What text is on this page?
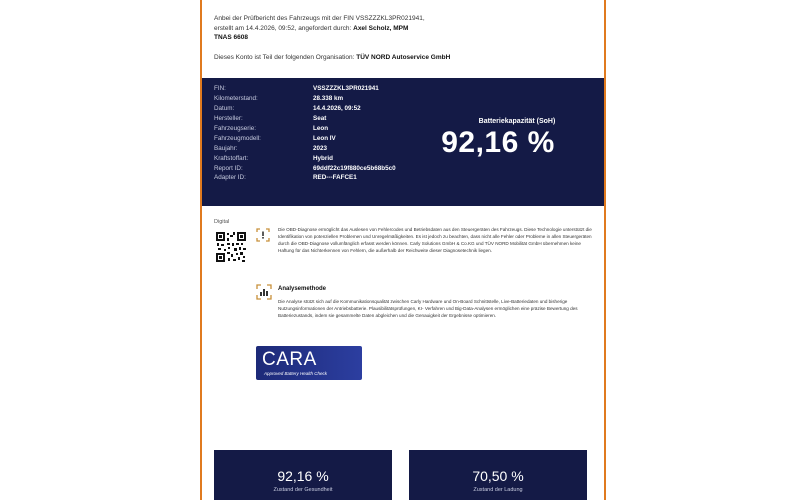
Anbei der Prüfbericht des Fahrzeugs mit der FIN VSSZZZKL3PR021941,
erstellt am 14.4.2026, 09:52, angefordert durch: Axel Scholz, MPM
TNAS 6608
Dieses Konto ist Teil der folgenden Organisation: TÜV NORD Autoservice GmbH
FIN:	VSSZZZKL3PR021941
Kilometerstand:	28.338 km
Datum:	14.4.2026, 09:52
Hersteller:	Seat
Fahrzeugserie:	Leon
Fahrzeugmodell:	Leon IV
Baujahr:	2023
Kraftstoffart:	Hybrid
Report ID:	69ddf22c19f880ce5b68b5c0
Adapter ID:	RED---FAFCE1
Batteriekapazität (SoH)
92,16 %
Digital
Die OBD-Diagnose ermöglicht das Auslesen von Fehlercodes und Betriebsdaten aus den Steuergeräten des Fahrzeugs. Diese Technologie unterstützt die Identifikation von potenziellen Problemen und Unregelmäßigkeiten. Es ist jedoch zu beachten, dass nicht alle Fehler oder Probleme in allen Steuergeräten durch die OBD-Diagnose vollumfänglich erfasst werden können. Carly Solutions GmbH & Co.KG und TÜV NORD Mobilität GmbH übernehmen keine Haftung für das Nichterkennen von Fehlern, die außerhalb der Reichweite dieser Diagnosetechnik liegen.
Analysemethode
Die Analyse stützt sich auf die Kommunikationsqualität zwischen Carly Hardware und On-Board Schnittstelle, Live-Batteriedaten und bisherige Nutzungsinformationen der Antriebsbatterie. Plausibilitätsprüfungen, KI- Verfahren und Big-Data-Analysen ermöglichen eine präzise Bewertung des Batteriezustands, indem sie gesammelte Daten abgleichen und die Genauigkeit der Ergebnisse optimieren.
CARA
Approved Battery Health Check
92,16 %
Zustand der Gesundheit
70,50 %
Zustand der Ladung
